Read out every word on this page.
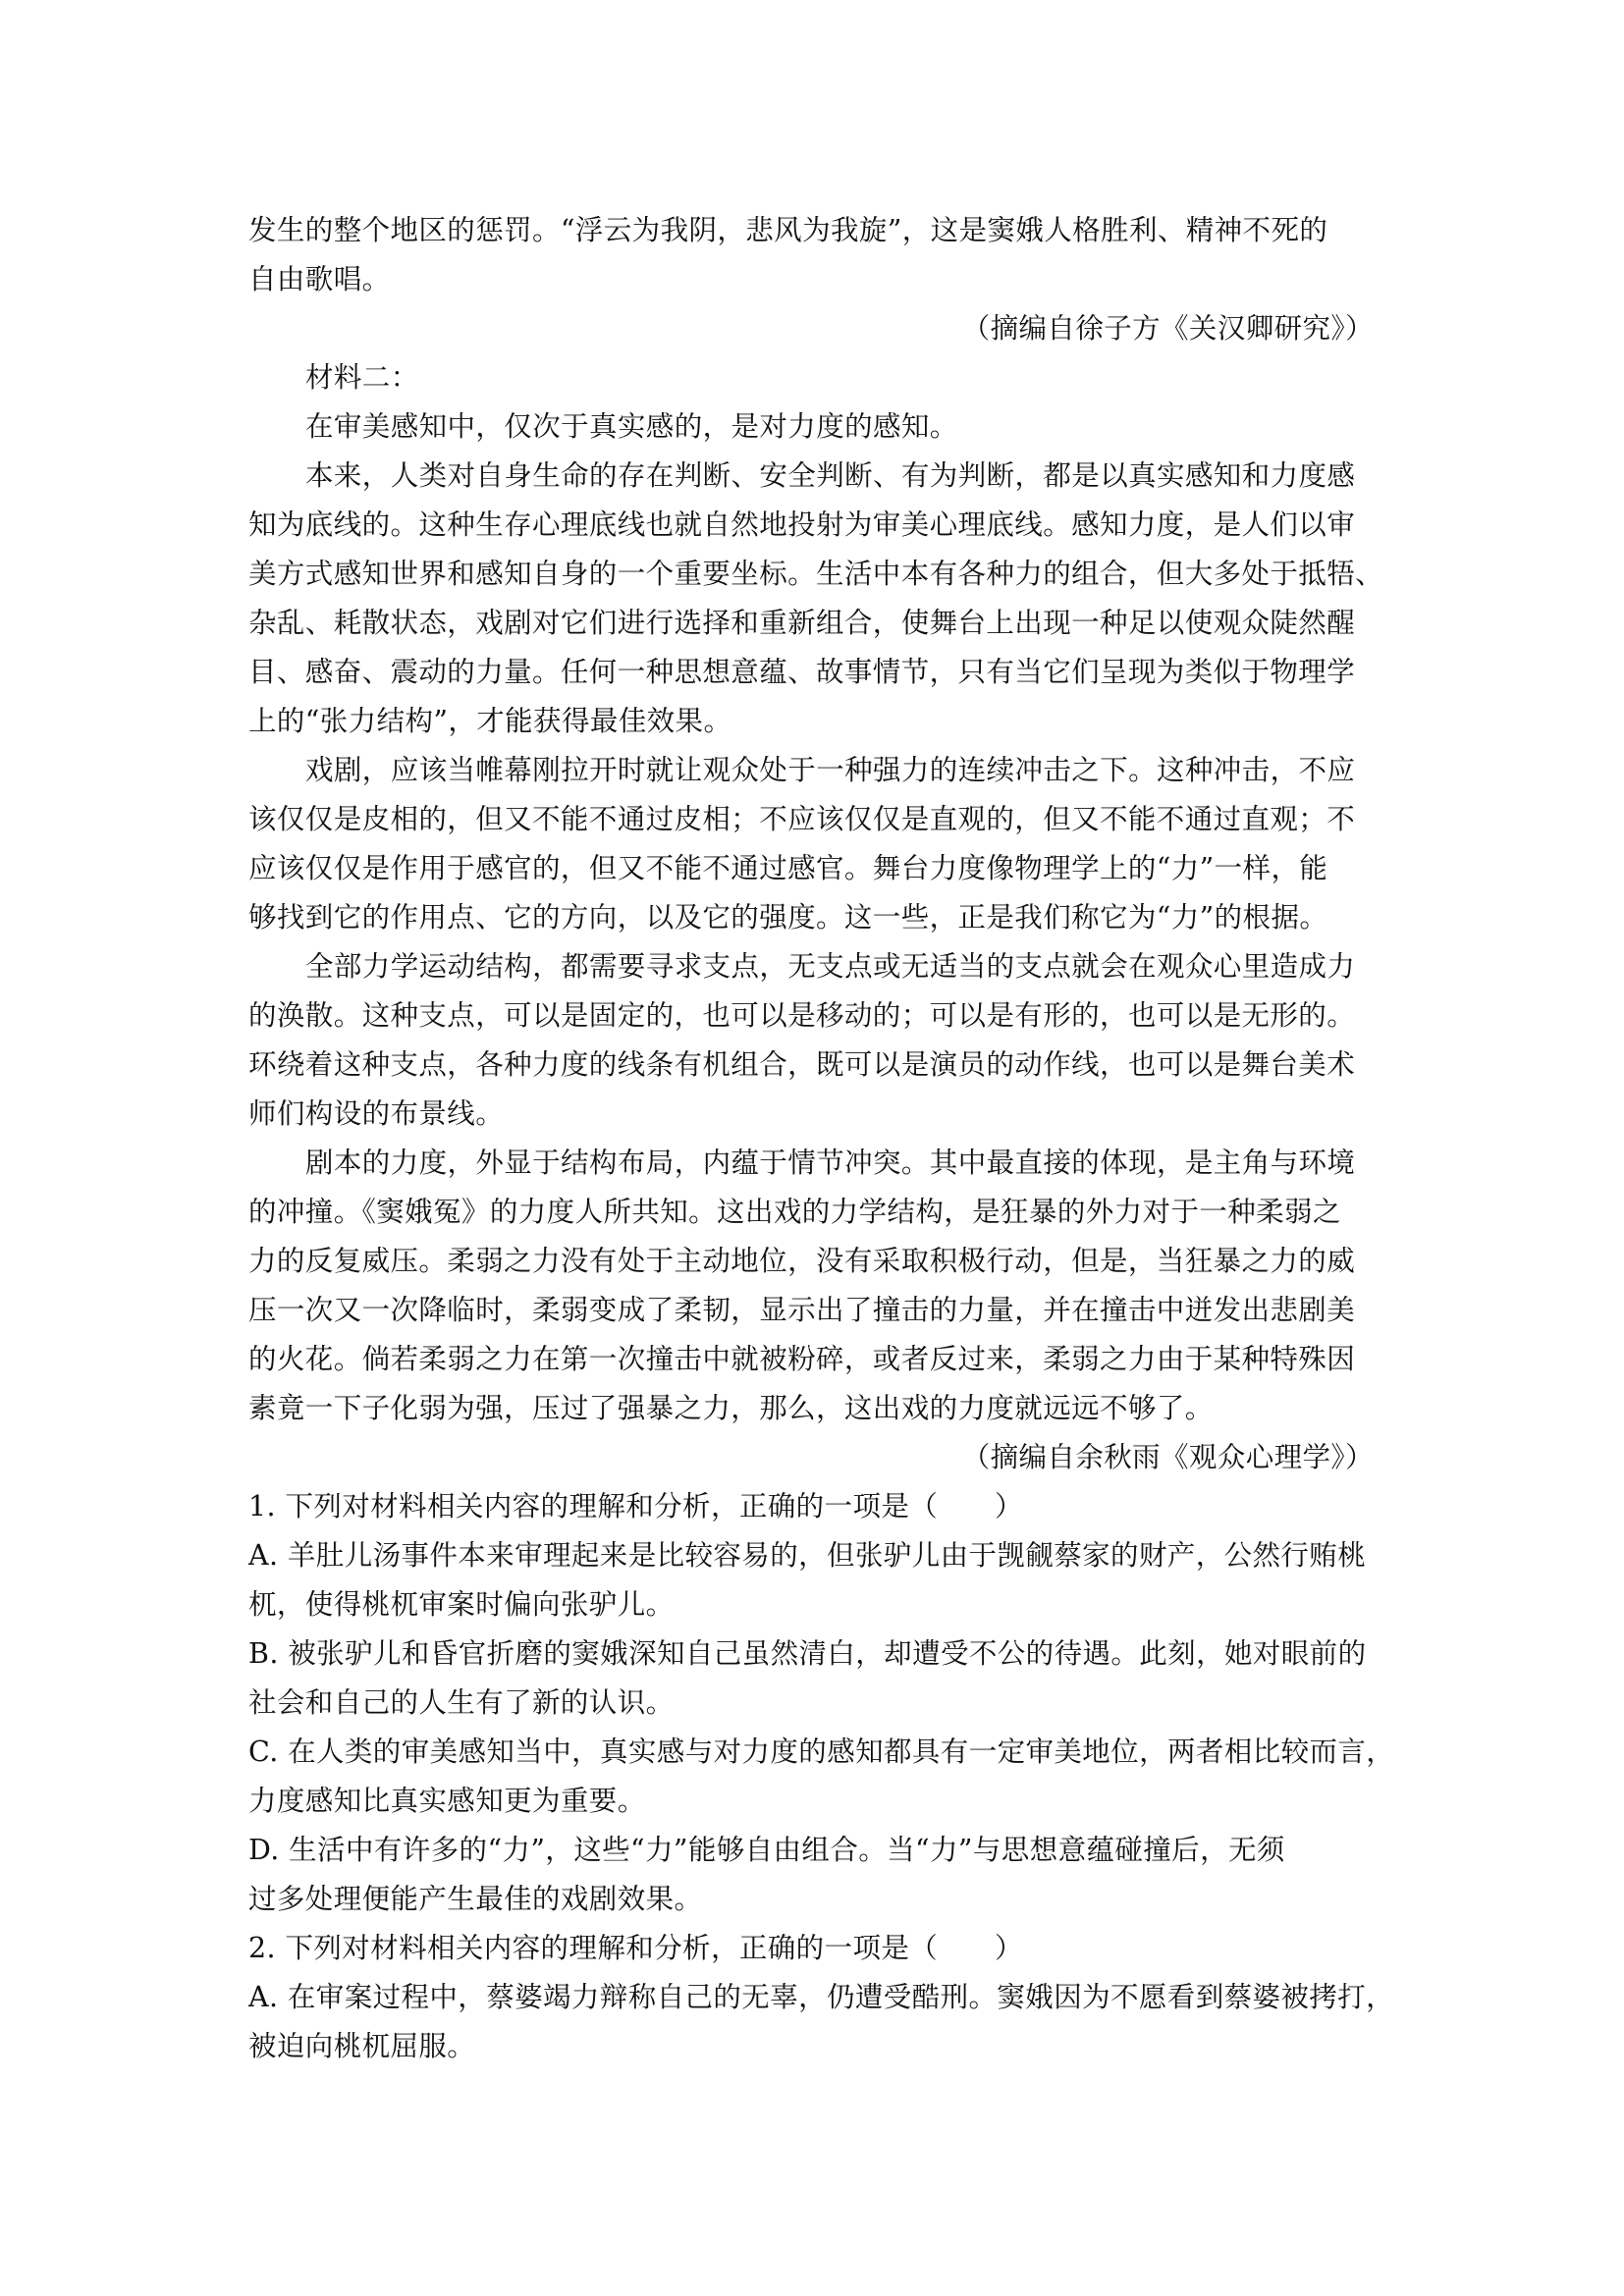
发生的整个地区的惩罚。“浮云为我阴，悲风为我旋”，这是窦娥人格胜利、精神不死的
自由歌唱。
（摘编自徐子方《关汉卿研究》）
材料二：
在审美感知中，仅次于真实感的，是对力度的感知。
本来，人类对自身生命的存在判断、安全判断、有为判断，都是以真实感知和力度感
知为底线的。这种生存心理底线也就自然地投射为审美心理底线。感知力度，是人们以审
美方式感知世界和感知自身的一个重要坐标。生活中本有各种力的组合，但大多处于抵牾、
杂乱、耗散状态，戏剧对它们进行选择和重新组合，使舞台上出现一种足以使观众陡然醒
目、感奋、震动的力量。任何一种思想意蕴、故事情节，只有当它们呈现为类似于物理学
上的“张力结构”，才能获得最佳效果。
戏剧，应该当帷幕刚拉开时就让观众处于一种强力的连续冲击之下。这种冲击，不应
该仅仅是皮相的，但又不能不通过皮相；不应该仅仅是直观的，但又不能不通过直观；不
应该仅仅是作用于感官的，但又不能不通过感官。舞台力度像物理学上的“力”一样，能
够找到它的作用点、它的方向，以及它的强度。这一些，正是我们称它为“力”的根据。
全部力学运动结构，都需要寻求支点，无支点或无适当的支点就会在观众心里造成力
的涣散。这种支点，可以是固定的，也可以是移动的；可以是有形的，也可以是无形的。
环绕着这种支点，各种力度的线条有机组合，既可以是演员的动作线，也可以是舞台美术
师们构设的布景线。
剧本的力度，外显于结构布局，内蕴于情节冲突。其中最直接的体现，是主角与环境
的冲撞。《窦娥冤》的力度人所共知。这出戏的力学结构，是狂暴的外力对于一种柔弱之
力的反复威压。柔弱之力没有处于主动地位，没有采取积极行动，但是，当狂暴之力的威
压一次又一次降临时，柔弱变成了柔韧，显示出了撞击的力量，并在撞击中迸发出悲剧美
的火花。倘若柔弱之力在第一次撞击中就被粉碎，或者反过来，柔弱之力由于某种特殊因
素竟一下子化弱为强，压过了强暴之力，那么，这出戏的力度就远远不够了。
（摘编自余秋雨《观众心理学》）
1. 下列对材料相关内容的理解和分析，正确的一项是（　　）
A. 羊肚儿汤事件本来审理起来是比较容易的，但张驴儿由于觊觎蔡家的财产，公然行贿桃
杌，使得桃杌审案时偏向张驴儿。
B. 被张驴儿和昏官折磨的窦娥深知自己虽然清白，却遭受不公的待遇。此刻，她对眼前的
社会和自己的人生有了新的认识。
C. 在人类的审美感知当中，真实感与对力度的感知都具有一定审美地位，两者相比较而言，
力度感知比真实感知更为重要。
D. 生活中有许多的“力”，这些“力”能够自由组合。当“力”与思想意蕴碰撞后，无须
过多处理便能产生最佳的戏剧效果。
2. 下列对材料相关内容的理解和分析，正确的一项是（　　）
A. 在审案过程中，蔡婆竭力辩称自己的无辜，仍遭受酷刑。窦娥因为不愿看到蔡婆被拷打，
被迫向桃杌屈服。
